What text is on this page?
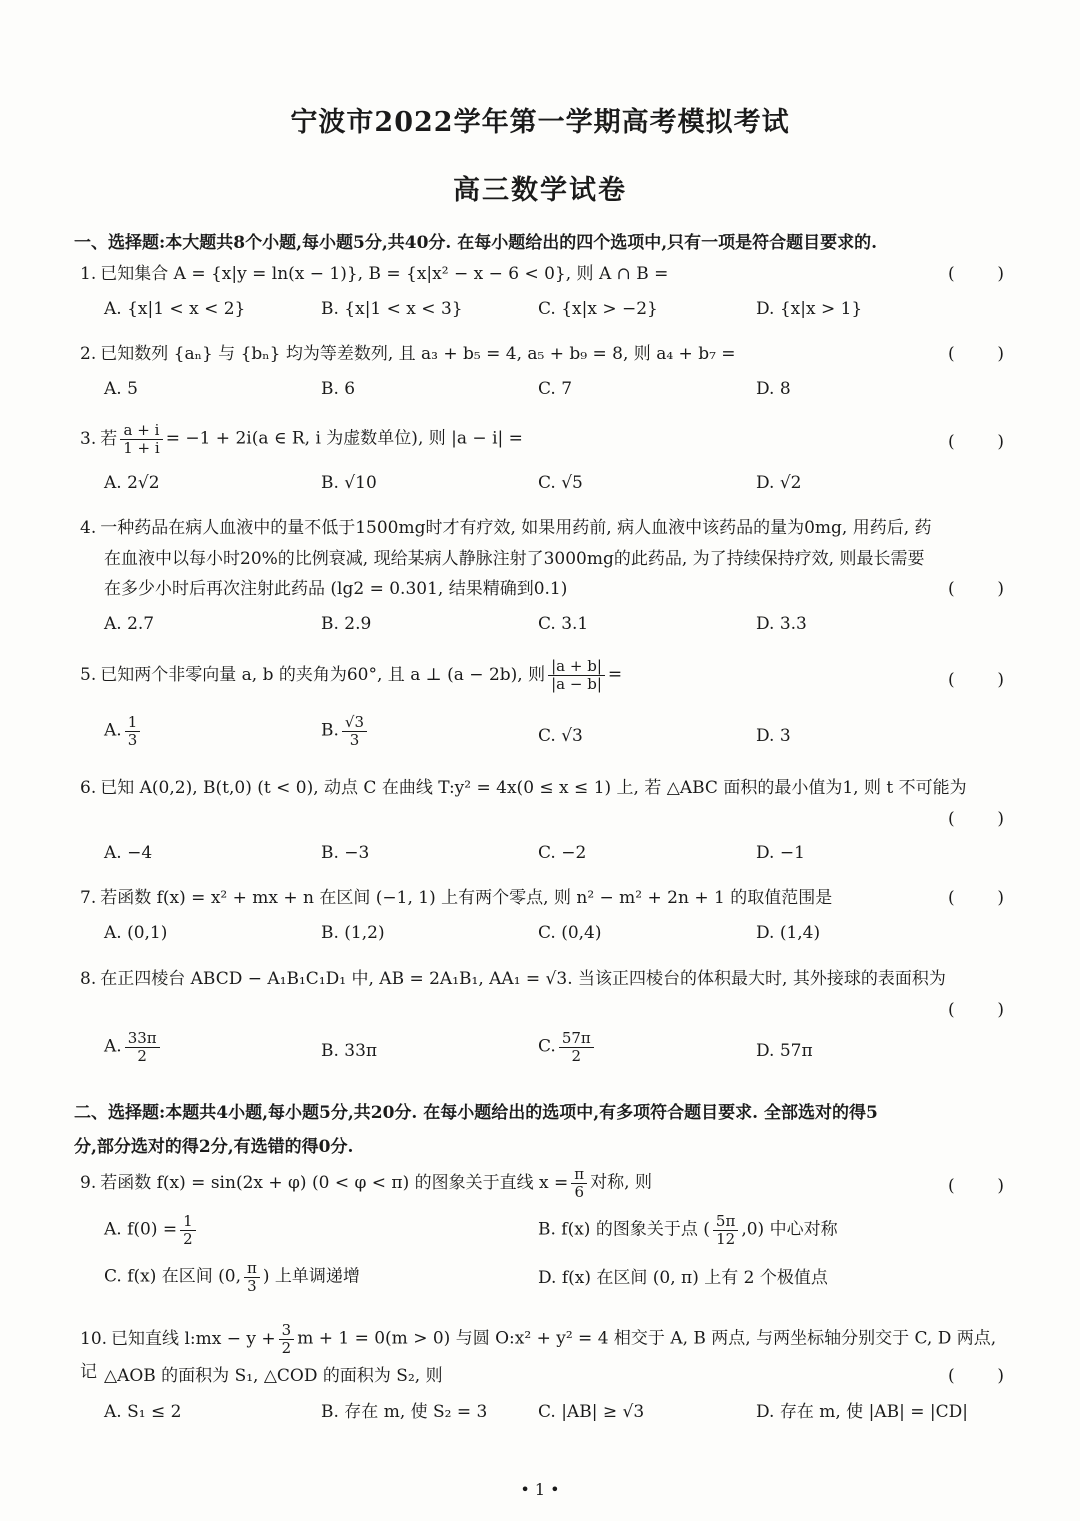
宁波市2022学年第一学期高考模拟考试
高三数学试卷
一、选择题:本大题共8个小题,每小题5分,共40分. 在每小题给出的四个选项中,只有一项是符合题目要求的.
1. 已知集合 A = {x|y = ln(x − 1)}, B = {x|x² − x − 6 < 0}, 则 A ∩ B =	(	)
A. {x|1 < x < 2}	B. {x|1 < x < 3}	C. {x|x > −2}	D. {x|x > 1}
2. 已知数列 {aₙ} 与 {bₙ} 均为等差数列, 且 a₃ + b₅ = 4, a₅ + b₉ = 8, 则 a₄ + b₇ =	(	)
A. 5	B. 6	C. 7	D. 8
3. 若 $\frac{a + i}{1 + i} = -1 + 2i(a$ ∈ R, i 为虚数单位), 则 |a − i| =	(	)
A. 2√2	B. √10	C. √5	D. √2
4. 一种药品在病人血液中的量不低于1500mg时才有疗效, 如果用药前, 病人血液中该药品的量为0mg, 用药后, 药
在血液中以每小时20%的比例衰减, 现给某病人静脉注射了3000mg的此药品, 为了持续保持疗效, 则最长需要
在多少小时后再次注射此药品 (lg2 = 0.301, 结果精确到0.1)	(	)
A. 2.7	B. 2.9	C. 3.1	D. 3.3
5. 已知两个非零向量 a, b 的夹角为60°, 且 a ⊥ (a − 2b), 则 $\frac{|a + b|}{|a - b|}$ =	(	)
A. $\frac{1}{3}$	B. $\frac{√3}{3}$	C. √3	D. 3
6. 已知 A(0,2), B(t,0) (t < 0), 动点 C 在曲线 T:y² = 4x(0 ≤ x ≤ 1) 上, 若 △ABC 面积的最小值为1, 则 t 不可能为
(	)
A. −4	B. −3	C. −2	D. −1
7. 若函数 f(x) = x² + mx + n 在区间 (−1, 1) 上有两个零点, 则 n² − m² + 2n + 1 的取值范围是	(	)
A. (0,1)	B. (1,2)	C. (0,4)	D. (1,4)
8. 在正四棱台 ABCD − A₁B₁C₁D₁ 中, AB = 2A₁B₁, AA₁ = √3. 当该正四棱台的体积最大时, 其外接球的表面积为
(	)
A. $\frac{33\pi}{2}$	B. 33π	C. $\frac{57\pi}{2}$	D. 57π
二、选择题:本题共4小题,每小题5分,共20分. 在每小题给出的选项中,有多项符合题目要求. 全部选对的得5
分,部分选对的得2分,有选错的得0分.
9. 若函数 f(x) = sin(2x + φ) (0 < φ < π) 的图象关于直线 $x = \frac{\pi}{6}$ 对称, 则	(	)
A. $f(0) = \frac{1}{2}$	B. f(x) 的图象关于点 ( $\frac{5\pi}{12} ,0$) 中心对称
C. f(x) 在区间 (0, $\frac{\pi}{3}$ ) 上单调递增	D. f(x) 在区间 (0, π) 上有 2 个极值点
10. 已知直线 l:mx − $y + \frac{3}{2}$ m + 1 = 0(m > 0) 与圆 O:x² + y² = 4 相交于 A, B 两点, 与两坐标轴分别交于 C, D 两点, 记 △AOB 的面积为 S₁, △COD 的面积为 S₂, 则	(	)
A. S₁ ≤ 2	B. 存在 m, 使 S₂ = 3	C. |AB| ≥ √3	D. 存在 m, 使 |AB| = |CD|
• 1 •
